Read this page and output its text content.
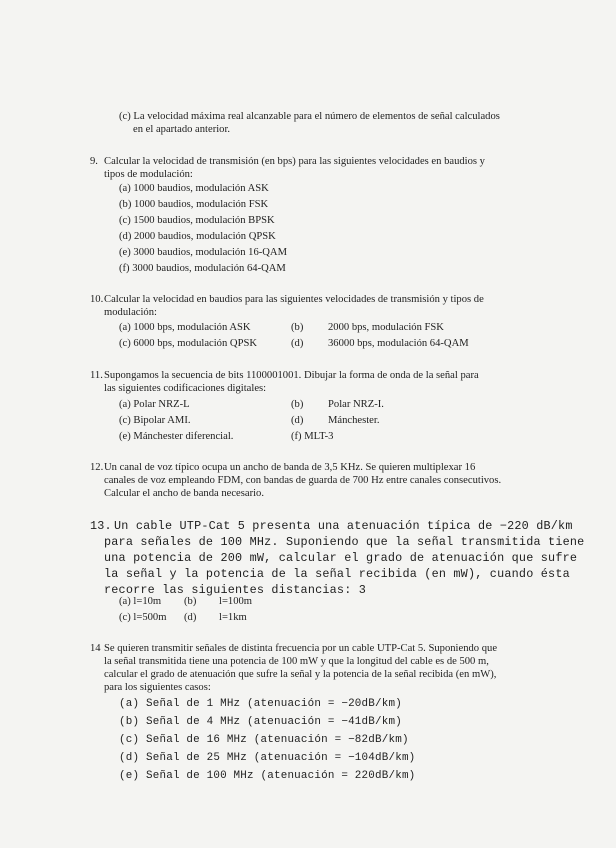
(c) La velocidad máxima real alcanzable para el número de elementos de señal calculados
en el apartado anterior.
9. Calcular la velocidad de transmisión (en bps) para las siguientes velocidades en baudios y
tipos de modulación:
(a) 1000 baudios, modulación ASK
(b) 1000 baudios, modulación FSK
(c) 1500 baudios, modulación BPSK
(d) 2000 baudios, modulación QPSK
(e) 3000 baudios, modulación 16-QAM
(f) 3000 baudios, modulación 64-QAM
10. Calcular la velocidad en baudios para las siguientes velocidades de transmisión y tipos de
modulación:
(a) 1000 bps, modulación ASK	(b) 2000 bps, modulación FSK
(c) 6000 bps, modulación QPSK	(d) 36000 bps, modulación 64-QAM
11. Supongamos la secuencia de bits 1100001001. Dibujar la forma de onda de la señal para
las siguientes codificaciones digitales:
(a) Polar NRZ-L	(b) Polar NRZ-I.
(c) Bipolar AMI.	(d) Mánchester.
(e) Mánchester diferencial.	(f) MLT-3
12. Un canal de voz típico ocupa un ancho de banda de 3,5 KHz. Se quieren multiplexar 16
canales de voz empleando FDM, con bandas de guarda de 700 Hz entre canales consecutivos.
Calcular el ancho de banda necesario.
13. Un cable UTP-Cat 5 presenta una atenuación típica de −220 dB/km
para señales de 100 MHz. Suponiendo que la señal transmitida tiene
una potencia de 200 mW, calcular el grado de atenuación que sufre
la señal y la potencia de la señal recibida (en mW), cuando ésta
recorre las siguientes distancias: 3
(a) l=10m (b) l=100m
(c) l=500m (d) l=1km
14 Se quieren transmitir señales de distinta frecuencia por un cable UTP-Cat 5. Suponiendo que
la señal transmitida tiene una potencia de 100 mW y que la longitud del cable es de 500 m,
calcular el grado de atenuación que sufre la señal y la potencia de la señal recibida (en mW),
para los siguientes casos:
(a) Señal de 1 MHz (atenuación = −20dB/km)
(b) Señal de 4 MHz (atenuación = −41dB/km)
(c) Señal de 16 MHz (atenuación = −82dB/km)
(d) Señal de 25 MHz (atenuación = −104dB/km)
(e) Señal de 100 MHz (atenuación = 220dB/km)
